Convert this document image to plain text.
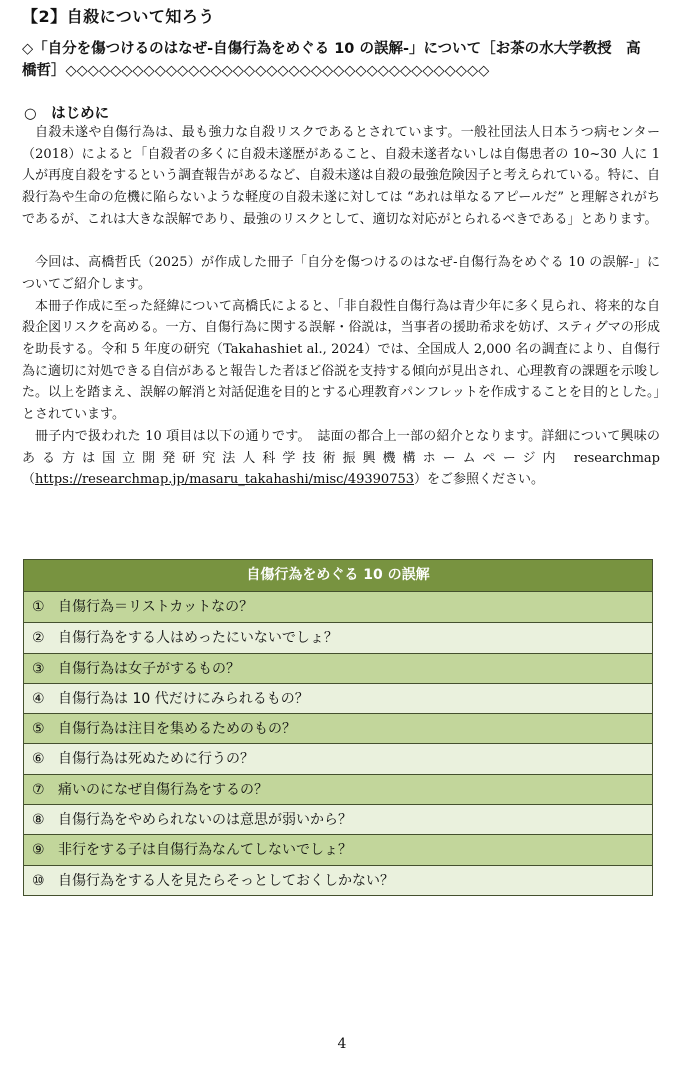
【2】自殺について知ろう
◇「自分を傷つけるのはなぜ‐自傷行為をめぐる 10 の誤解‐」について［お茶の水大学教授　高
橋哲］◇◇◇◇◇◇◇◇◇◇◇◇◇◇◇◇◇◇◇◇◇◇◇◇◇◇◇◇◇◇◇◇◇◇◇◇◇◇
○　はじめに

自殺未遂や自傷行為は、最も強力な自殺リスクであるとされています。一般社団法人日本うつ病センター（2018）によると「自殺者の多くに自殺未遂歴があること、自殺未遂者ないしは自傷患者の 10~30 人に 1 人が再度自殺をするという調査報告があるなど、自殺未遂は自殺の最強危険因子と考えられている。特に、自殺行為や生命の危機に陥らないような軽度の自殺未遂に対しては “あれは単なるアピールだ” と理解されがちであるが、これは大きな誤解であり、最強のリスクとして、適切な対応がとられるべきである」とあります。

今回は、高橋哲氏（2025）が作成した冊子「自分を傷つけるのはなぜ‐自傷行為をめぐる 10 の誤解‐」についてご紹介します。

本冊子作成に至った経緯について高橋氏によると、「非自殺性自傷行為は青少年に多く見られ、将来的な自殺企図リスクを高める。一方、自傷行為に関する誤解・俗説は，当事者の援助希求を妨げ、スティグマの形成を助長する。令和 5 年度の研究（Takahashiet al., 2024）では、全国成人 2,000 名の調査により、自傷行為に適切に対処できる自信があると報告した者ほど俗説を支持する傾向が見出され、心理教育の課題を示唆した。以上を踏まえ、誤解の解消と対話促進を目的とする心理教育パンフレットを作成することを目的とした。」とされています。

冊子内で扱われた 10 項目は以下の通りです。　誌面の都合上一部の紹介となります。詳細について興味のある方は国立開発研究法人科学技術振興機構ホームページ内 researchmap（https://researchmap.jp/masaru_takahashi/misc/49390753）をご参照ください。

自傷行為をめぐる 10 の誤解
① 自傷行為＝リストカットなの？
② 自傷行為をする人はめったにいないでしょ？
③ 自傷行為は女子がするもの？
④ 自傷行為は 10 代だけにみられるもの？
⑤ 自傷行為は注目を集めるためのもの？
⑥ 自傷行為は死ぬために行うの？
⑦ 痛いのになぜ自傷行為をするの？
⑧ 自傷行為をやめられないのは意思が弱いから？
⑨ 非行をする子は自傷行為なんてしないでしょ？
⑩ 自傷行為をする人を見たらそっとしておくしかない？
4
